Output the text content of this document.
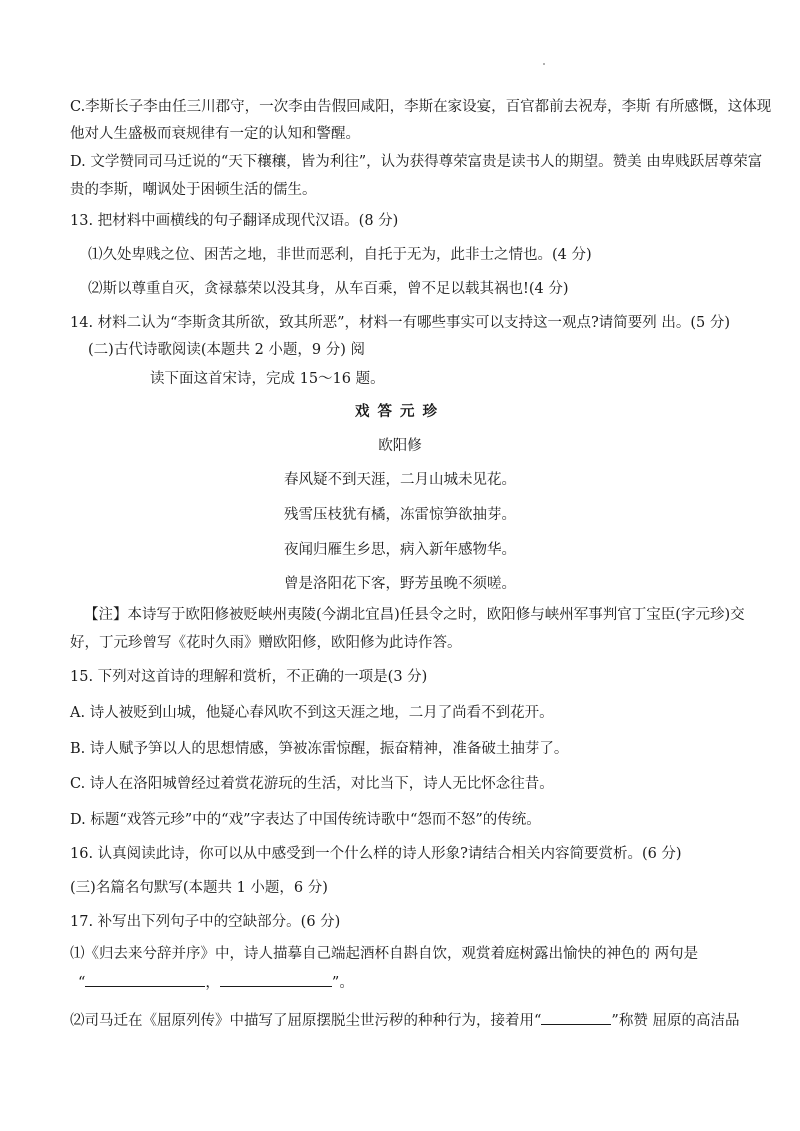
C.李斯长子李由任三川郡守，一次李由告假回咸阳，李斯在家设宴，百官都前去祝寿，李斯 有所感慨，这体现
他对人生盛极而衰规律有一定的认知和警醒。
D. 文学赞同司马迁说的“天下穰穰，皆为利往”，认为获得尊荣富贵是读书人的期望。赞美 由卑贱跃居尊荣富
贵的李斯，嘲讽处于困顿生活的儒生。
13. 把材料中画横线的句子翻译成现代汉语。(8 分)
⑴久处卑贱之位、困苦之地，非世而恶利，自托于无为，此非士之情也。(4 分)
⑵斯以尊重自灭，贪禄慕荣以没其身，从车百乘，曾不足以载其祸也!(4 分)
14. 材料二认为“李斯贪其所欲，致其所恶”，材料一有哪些事实可以支持这一观点?请简要列 出。(5 分)
(二)古代诗歌阅读(本题共 2 小题，9 分) 阅
读下面这首宋诗，完成 15～16 题。
戏答元珍
欧阳修
春风疑不到天涯，二月山城未见花。
残雪压枝犹有橘，冻雷惊笋欲抽芽。
夜闻归雁生乡思，病入新年感物华。
曾是洛阳花下客，野芳虽晚不须嗟。
【注】本诗写于欧阳修被贬峡州夷陵(今湖北宜昌)任县令之时，欧阳修与峡州军事判官丁宝臣(字元珍)交
好，丁元珍曾写《花时久雨》赠欧阳修，欧阳修为此诗作答。
15. 下列对这首诗的理解和赏析，不正确的一项是(3 分)
A. 诗人被贬到山城，他疑心春风吹不到这天涯之地，二月了尚看不到花开。
B. 诗人赋予笋以人的思想情感，笋被冻雷惊醒，振奋精神，准备破土抽芽了。
C. 诗人在洛阳城曾经过着赏花游玩的生活，对比当下，诗人无比怀念往昔。
D. 标题“戏答元珍”中的“戏”字表达了中国传统诗歌中“怨而不怒”的传统。
16. 认真阅读此诗，你可以从中感受到一个什么样的诗人形象?请结合相关内容简要赏析。(6 分)
(三)名篇名句默写(本题共 1 小题，6 分)
17. 补写出下列句子中的空缺部分。(6 分)
⑴《归去来兮辞并序》中，诗人描摹自己端起酒杯自斟自饮，观赏着庭树露出愉快的神色的 两句是
“	，	”。
⑵司马迁在《屈原列传》中描写了屈原摆脱尘世污秽的种种行为，接着用“	”称赞 屈原的高洁品
